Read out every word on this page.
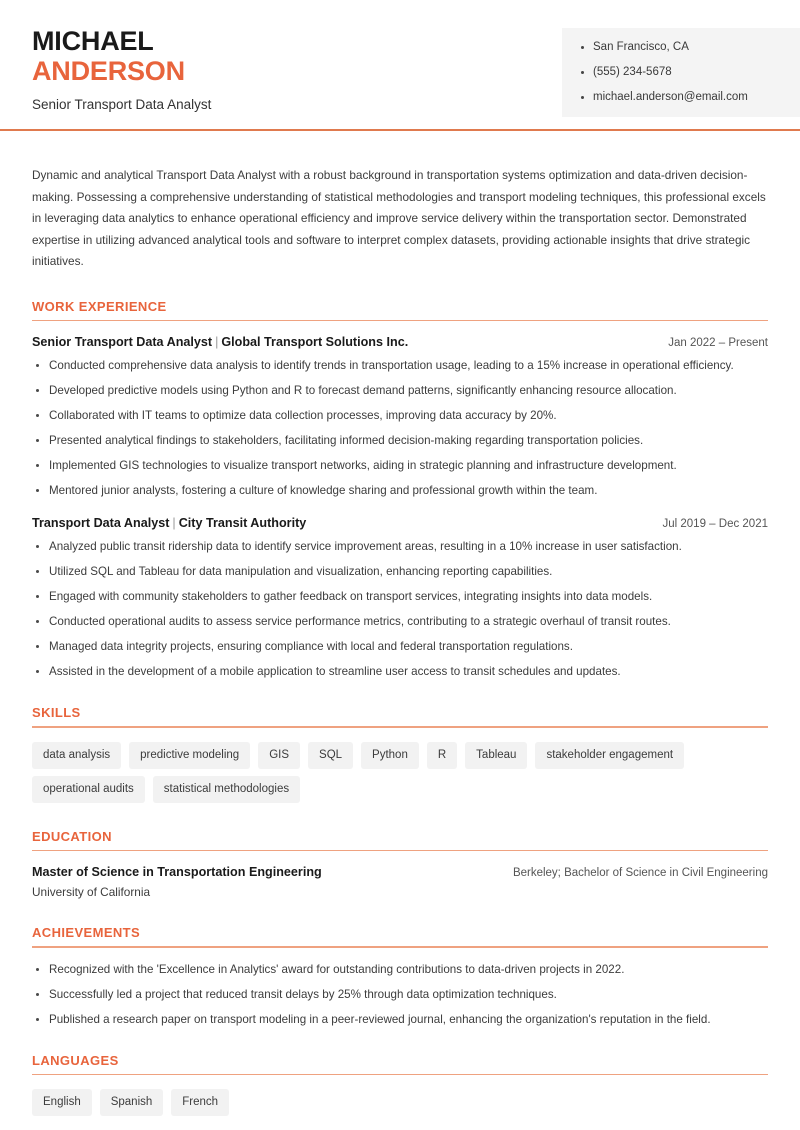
MICHAEL
ANDERSON
Senior Transport Data Analyst
San Francisco, CA
(555) 234-5678
michael.anderson@email.com
Dynamic and analytical Transport Data Analyst with a robust background in transportation systems optimization and data-driven decision-making. Possessing a comprehensive understanding of statistical methodologies and transport modeling techniques, this professional excels in leveraging data analytics to enhance operational efficiency and improve service delivery within the transportation sector. Demonstrated expertise in utilizing advanced analytical tools and software to interpret complex datasets, providing actionable insights that drive strategic initiatives.
WORK EXPERIENCE
Senior Transport Data Analyst | Global Transport Solutions Inc.	Jan 2022 – Present
Conducted comprehensive data analysis to identify trends in transportation usage, leading to a 15% increase in operational efficiency.
Developed predictive models using Python and R to forecast demand patterns, significantly enhancing resource allocation.
Collaborated with IT teams to optimize data collection processes, improving data accuracy by 20%.
Presented analytical findings to stakeholders, facilitating informed decision-making regarding transportation policies.
Implemented GIS technologies to visualize transport networks, aiding in strategic planning and infrastructure development.
Mentored junior analysts, fostering a culture of knowledge sharing and professional growth within the team.
Transport Data Analyst | City Transit Authority	Jul 2019 – Dec 2021
Analyzed public transit ridership data to identify service improvement areas, resulting in a 10% increase in user satisfaction.
Utilized SQL and Tableau for data manipulation and visualization, enhancing reporting capabilities.
Engaged with community stakeholders to gather feedback on transport services, integrating insights into data models.
Conducted operational audits to assess service performance metrics, contributing to a strategic overhaul of transit routes.
Managed data integrity projects, ensuring compliance with local and federal transportation regulations.
Assisted in the development of a mobile application to streamline user access to transit schedules and updates.
SKILLS
data analysis	predictive modeling	GIS	SQL	Python	R	Tableau	stakeholder engagement
operational audits	statistical methodologies
EDUCATION
Master of Science in Transportation Engineering	Berkeley; Bachelor of Science in Civil Engineering
University of California
ACHIEVEMENTS
Recognized with the 'Excellence in Analytics' award for outstanding contributions to data-driven projects in 2022.
Successfully led a project that reduced transit delays by 25% through data optimization techniques.
Published a research paper on transport modeling in a peer-reviewed journal, enhancing the organization's reputation in the field.
LANGUAGES
English	Spanish	French
